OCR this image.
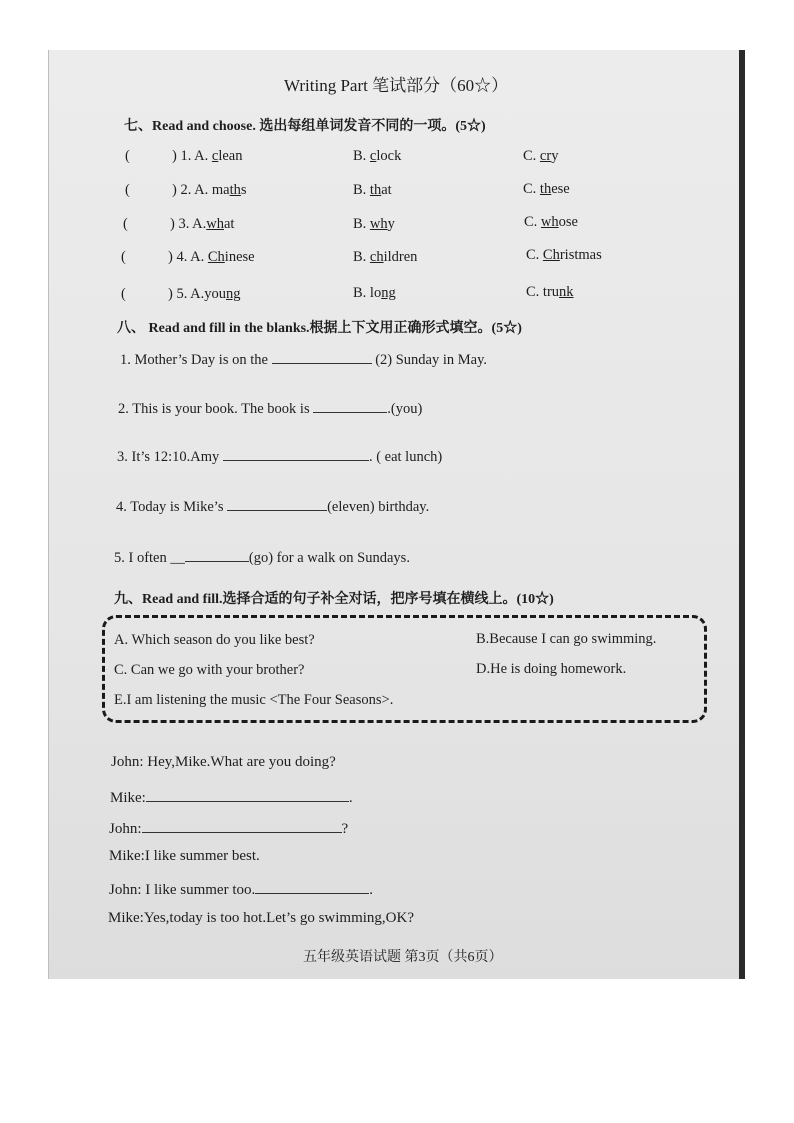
Writing Part 笔试部分（60☆）
七、Read and choose. 选出每组单词发音不同的一项。(5☆)
(	) 1. A. clean	B. clock	C. cry
(	) 2. A. maths	B. that	C. these
(	) 3. A.what	B. why	C. whose
(	) 4. A. Chinese	B. children	C. Christmas
(	) 5. A.young	B. long	C. trunk
八、 Read and fill in the blanks.根据上下文用正确形式填空。(5☆)
1. Mother’s Day is on the	(2) Sunday in May.
2. This is your book. The book is	.(you)
3. It’s 12:10.Amy	. ( eat lunch)
4. Today is Mike’s	(eleven) birthday.
5. I often __	(go) for a walk on Sundays.
九、Read and fill.选择合适的句子补全对话，把序号填在横线上。(10☆)
A. Which season do you like best?	B.Because I can go swimming.
C. Can we go with your brother?	D.He is doing homework.
E.I am listening the music <The Four Seasons>.
John: Hey,Mike.What are you doing?
Mike:	.
John:	?
Mike:I like summer best.
John: I like summer too.	.
Mike:Yes,today is too hot.Let’s go swimming,OK?
五年级英语试题 第3页（共6页）
